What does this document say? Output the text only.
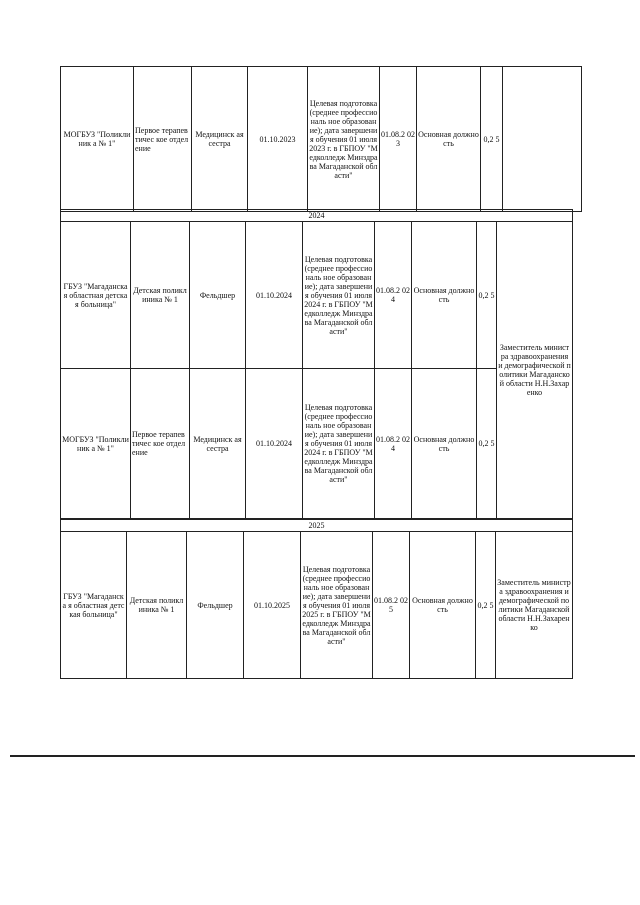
МОГБУЗ "Поликлиник а № 1"	Первое терапевтичес кое отделение	Медицинск ая сестра	01.10.2023	Целевая подготовка (среднее профессиональ ное образование); дата завершения обучения 01 июля 2023 г. в ГБПОУ "Медколледж Минздрава Магаданской области"	01.08.2 023	Основная должность	0,2 5	
2024								
ГБУЗ "Магаданска я областная детская больница"	Детская поликлиника № 1	Фельдшер	01.10.2024	Целевая подготовка (среднее профессиональ ное образование); дата завершения обучения 01 июля 2024 г. в ГБПОУ "Медколледж Минздрава Магаданской области"	01.08.2 024	Основная должность	0,2 5	Заместитель министра здравоохранения и демографической политики Магаданской области Н.Н.Захаренко
МОГБУЗ "Поликлиник а № 1"	Первое терапевтичес кое отделение	Медицинск ая сестра	01.10.2024	Целевая подготовка (среднее профессиональ ное образование); дата завершения обучения 01 июля 2024 г. в ГБПОУ "Медколледж Минздрава Магаданской области"	01.08.2 024	Основная должность	0,2 5	
2025
ГБУЗ "Магаданска я областная детская больница"	Детская поликлиника № 1	Фельдшер	01.10.2025	Целевая подготовка (среднее профессиональ ное образование); дата завершения обучения 01 июля 2025 г. в ГБПОУ "Медколледж Минздрава Магаданской области"	01.08.2 025	Основная должность	0,2 5	Заместитель министра здравоохранения и демографической политики Магаданской области Н.Н.Захаренко
